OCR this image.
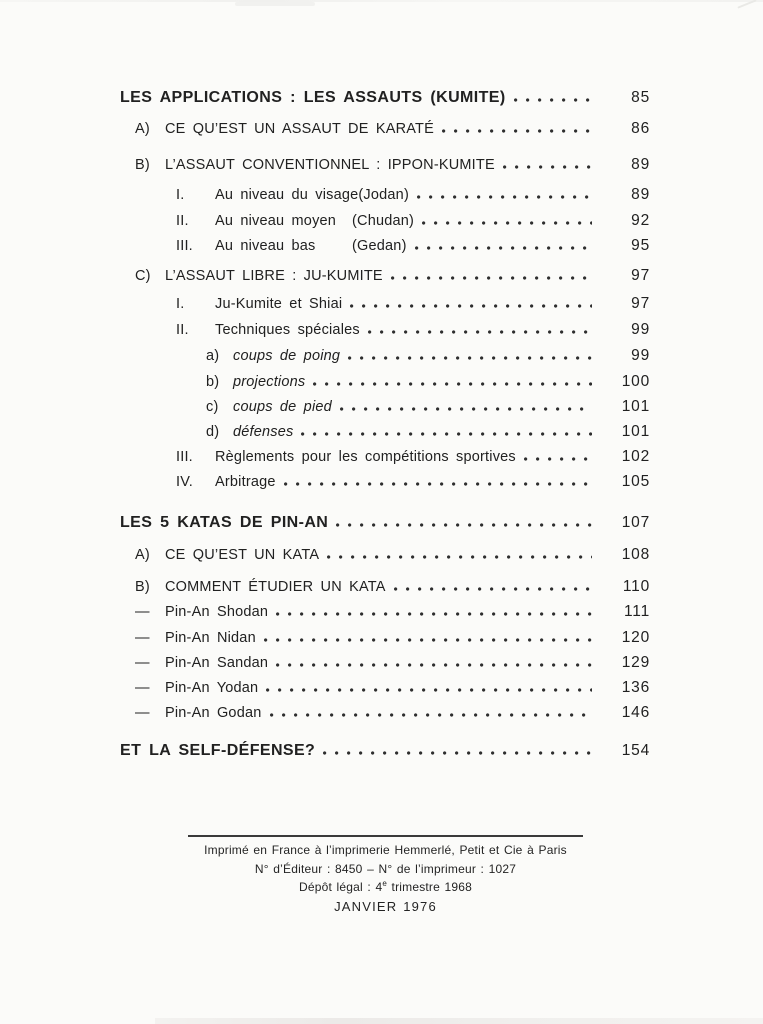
LES APPLICATIONS : LES ASSAUTS (KUMITE)	85
A)	CE QU’EST UN ASSAUT DE KARATÉ	86
B)	L’ASSAUT CONVENTIONNEL : IPPON-KUMITE	89
I.	Au niveau du visage (Jodan)	89
II.	Au niveau moyen	(Chudan)	92
III.	Au niveau bas	(Gedan)	95
C) L’ASSAUT LIBRE : JU-KUMITE	97
I.	Ju-Kumite et Shiai	97
II.	Techniques spéciales	99
a) coups de poing	99
b) projections	100
c)	coups de pied	101
d) défenses	101
III.	Règlements pour les compétitions sportives	102
IV.	Arbitrage	105
LES 5 KATAS DE PIN-AN	107
A)	CE QU’EST UN KATA	108
B)	COMMENT ÉTUDIER UN KATA	110
—	Pin-An Shodan	111
—	Pin-An Nidan	120
—	Pin-An Sandan	129
—	Pin-An Yodan	136
—	Pin-An Godan	146
ET LA SELF-DÉFENSE?	154
Imprimé en France à l’imprimerie Hemmerlé, Petit et Cie à Paris
N° d’Éditeur : 8450 – N° de l’imprimeur : 1027
Dépôt légal : 4e trimestre 1968
JANVIER 1976
